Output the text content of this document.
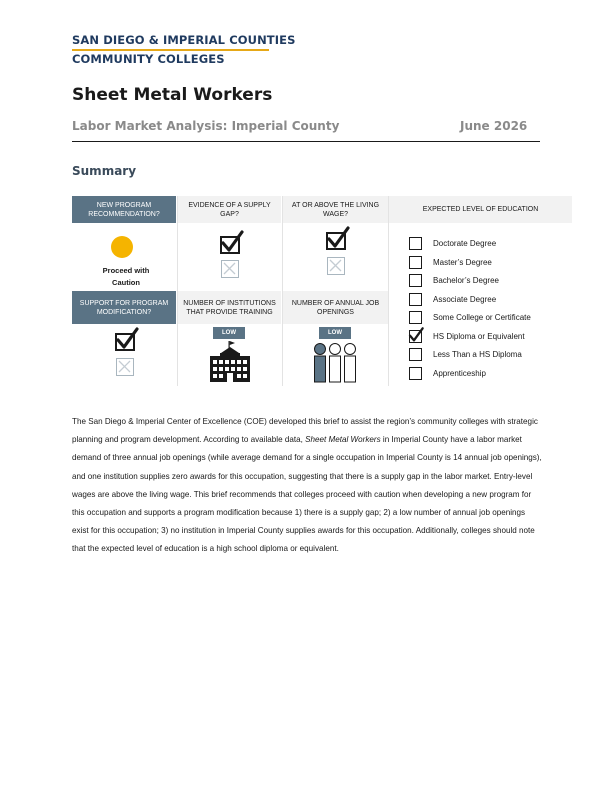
SAN DIEGO & IMPERIAL COUNTIES
COMMUNITY COLLEGES
Sheet Metal Workers
Labor Market Analysis: Imperial County	June 2026
Summary
NEW PROGRAM RECOMMENDATION?
EVIDENCE OF A SUPPLY GAP?
AT OR ABOVE THE LIVING WAGE?
EXPECTED LEVEL OF EDUCATION
Proceed with
Caution
SUPPORT FOR PROGRAM MODIFICATION?
NUMBER OF INSTITUTIONS THAT PROVIDE TRAINING
NUMBER OF ANNUAL JOB OPENINGS
LOW	LOW
Doctorate Degree
Master’s Degree
Bachelor’s Degree
Associate Degree
Some College or Certificate
HS Diploma or Equivalent
Less Than a HS Diploma
Apprenticeship
The San Diego & Imperial Center of Excellence (COE) developed this brief to assist the region’s community colleges with strategic planning and program development. According to available data, Sheet Metal Workers in Imperial County have a labor market demand of three annual job openings (while average demand for a single occupation in Imperial County is 14 annual job openings), and one institution supplies zero awards for this occupation, suggesting that there is a supply gap in the labor market. Entry-level wages are above the living wage. This brief recommends that colleges proceed with caution when developing a new program for this occupation and supports a program modification because 1) there is a supply gap; 2) a low number of annual job openings exist for this occupation; 3) no institution in Imperial County supplies awards for this occupation. Additionally, colleges should note that the expected level of education is a high school diploma or equivalent.
